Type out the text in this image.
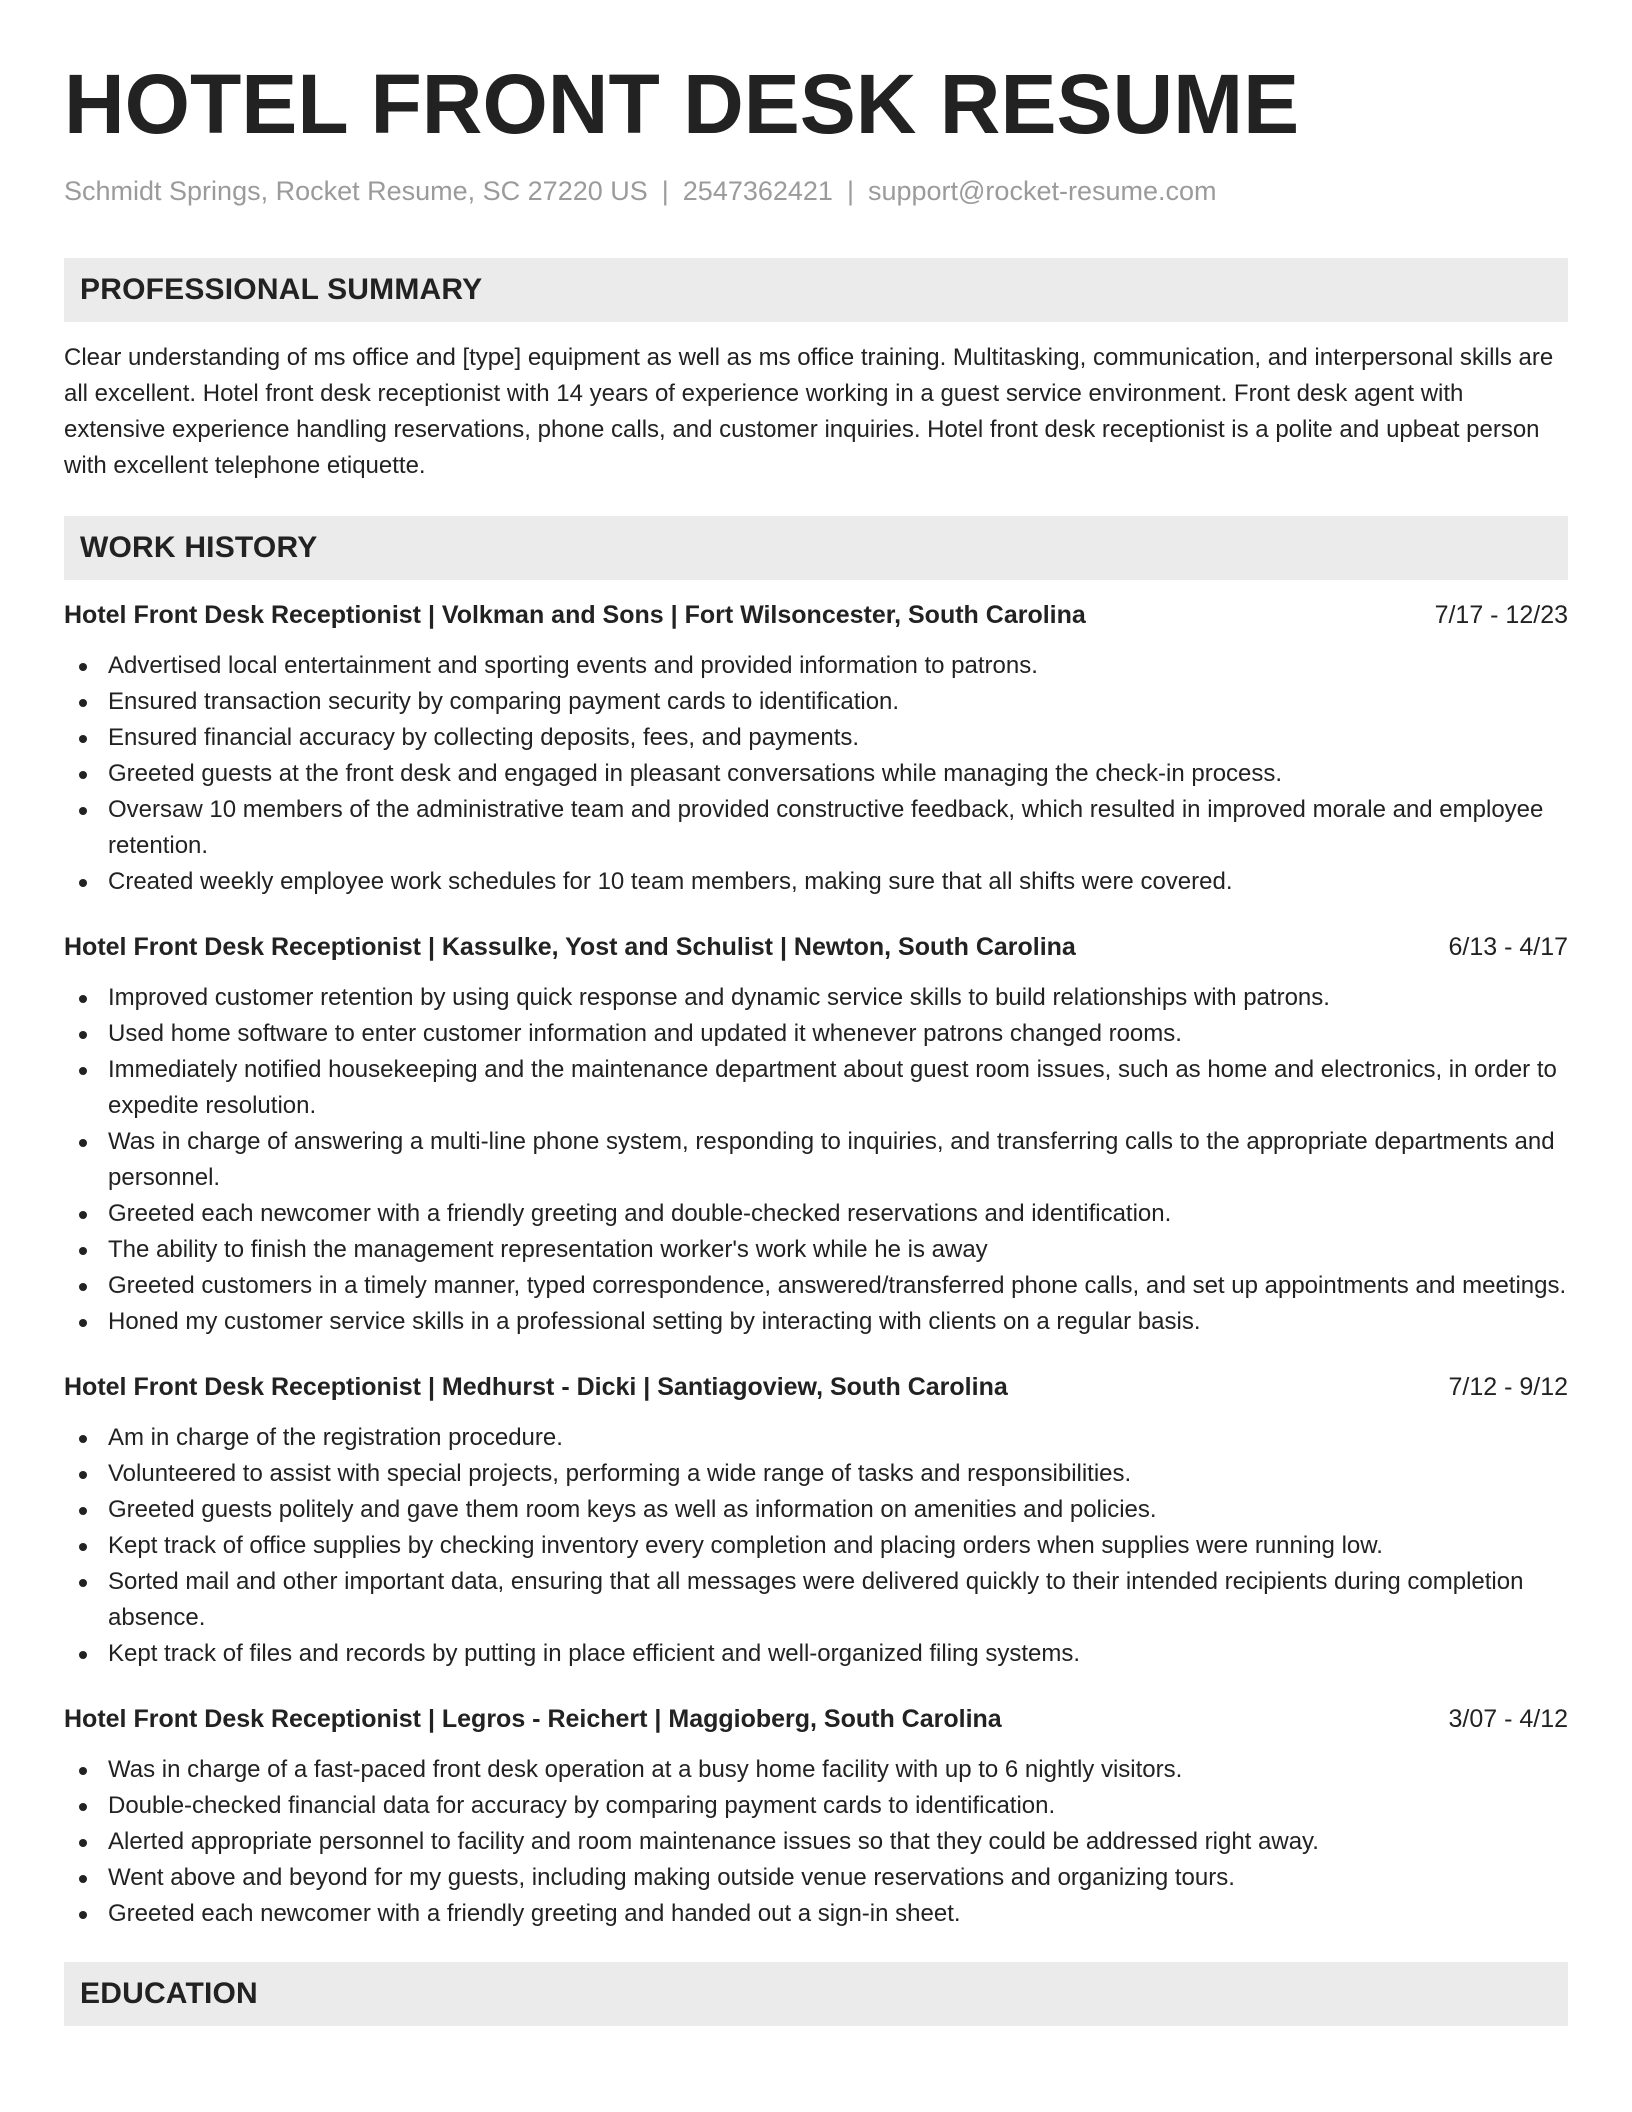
HOTEL FRONT DESK RESUME
Schmidt Springs, Rocket Resume, SC 27220 US | 2547362421 | support@rocket-resume.com
PROFESSIONAL SUMMARY

Clear understanding of ms office and [type] equipment as well as ms office training. Multitasking, communication, and interpersonal skills are all excellent. Hotel front desk receptionist with 14 years of experience working in a guest service environment. Front desk agent with extensive experience handling reservations, phone calls, and customer inquiries. Hotel front desk receptionist is a polite and upbeat person with excellent telephone etiquette.

WORK HISTORY
Hotel Front Desk Receptionist | Volkman and Sons | Fort Wilsoncester, South Carolina	7/17 - 12/23
Advertised local entertainment and sporting events and provided information to patrons.
Ensured transaction security by comparing payment cards to identification.
Ensured financial accuracy by collecting deposits, fees, and payments.
Greeted guests at the front desk and engaged in pleasant conversations while managing the check-in process.
Oversaw 10 members of the administrative team and provided constructive feedback, which resulted in improved morale and employee retention.
Created weekly employee work schedules for 10 team members, making sure that all shifts were covered.
Hotel Front Desk Receptionist | Kassulke, Yost and Schulist | Newton, South Carolina	6/13 - 4/17
Improved customer retention by using quick response and dynamic service skills to build relationships with patrons.
Used home software to enter customer information and updated it whenever patrons changed rooms.
Immediately notified housekeeping and the maintenance department about guest room issues, such as home and electronics, in order to expedite resolution.
Was in charge of answering a multi-line phone system, responding to inquiries, and transferring calls to the appropriate departments and personnel.
Greeted each newcomer with a friendly greeting and double-checked reservations and identification.
The ability to finish the management representation worker's work while he is away
Greeted customers in a timely manner, typed correspondence, answered/transferred phone calls, and set up appointments and meetings.
Honed my customer service skills in a professional setting by interacting with clients on a regular basis.
Hotel Front Desk Receptionist | Medhurst - Dicki | Santiagoview, South Carolina	7/12 - 9/12
Am in charge of the registration procedure.
Volunteered to assist with special projects, performing a wide range of tasks and responsibilities.
Greeted guests politely and gave them room keys as well as information on amenities and policies.
Kept track of office supplies by checking inventory every completion and placing orders when supplies were running low.
Sorted mail and other important data, ensuring that all messages were delivered quickly to their intended recipients during completion absence.
Kept track of files and records by putting in place efficient and well-organized filing systems.
Hotel Front Desk Receptionist | Legros - Reichert | Maggioberg, South Carolina	3/07 - 4/12
Was in charge of a fast-paced front desk operation at a busy home facility with up to 6 nightly visitors.
Double-checked financial data for accuracy by comparing payment cards to identification.
Alerted appropriate personnel to facility and room maintenance issues so that they could be addressed right away.
Went above and beyond for my guests, including making outside venue reservations and organizing tours.
Greeted each newcomer with a friendly greeting and handed out a sign-in sheet.
EDUCATION
